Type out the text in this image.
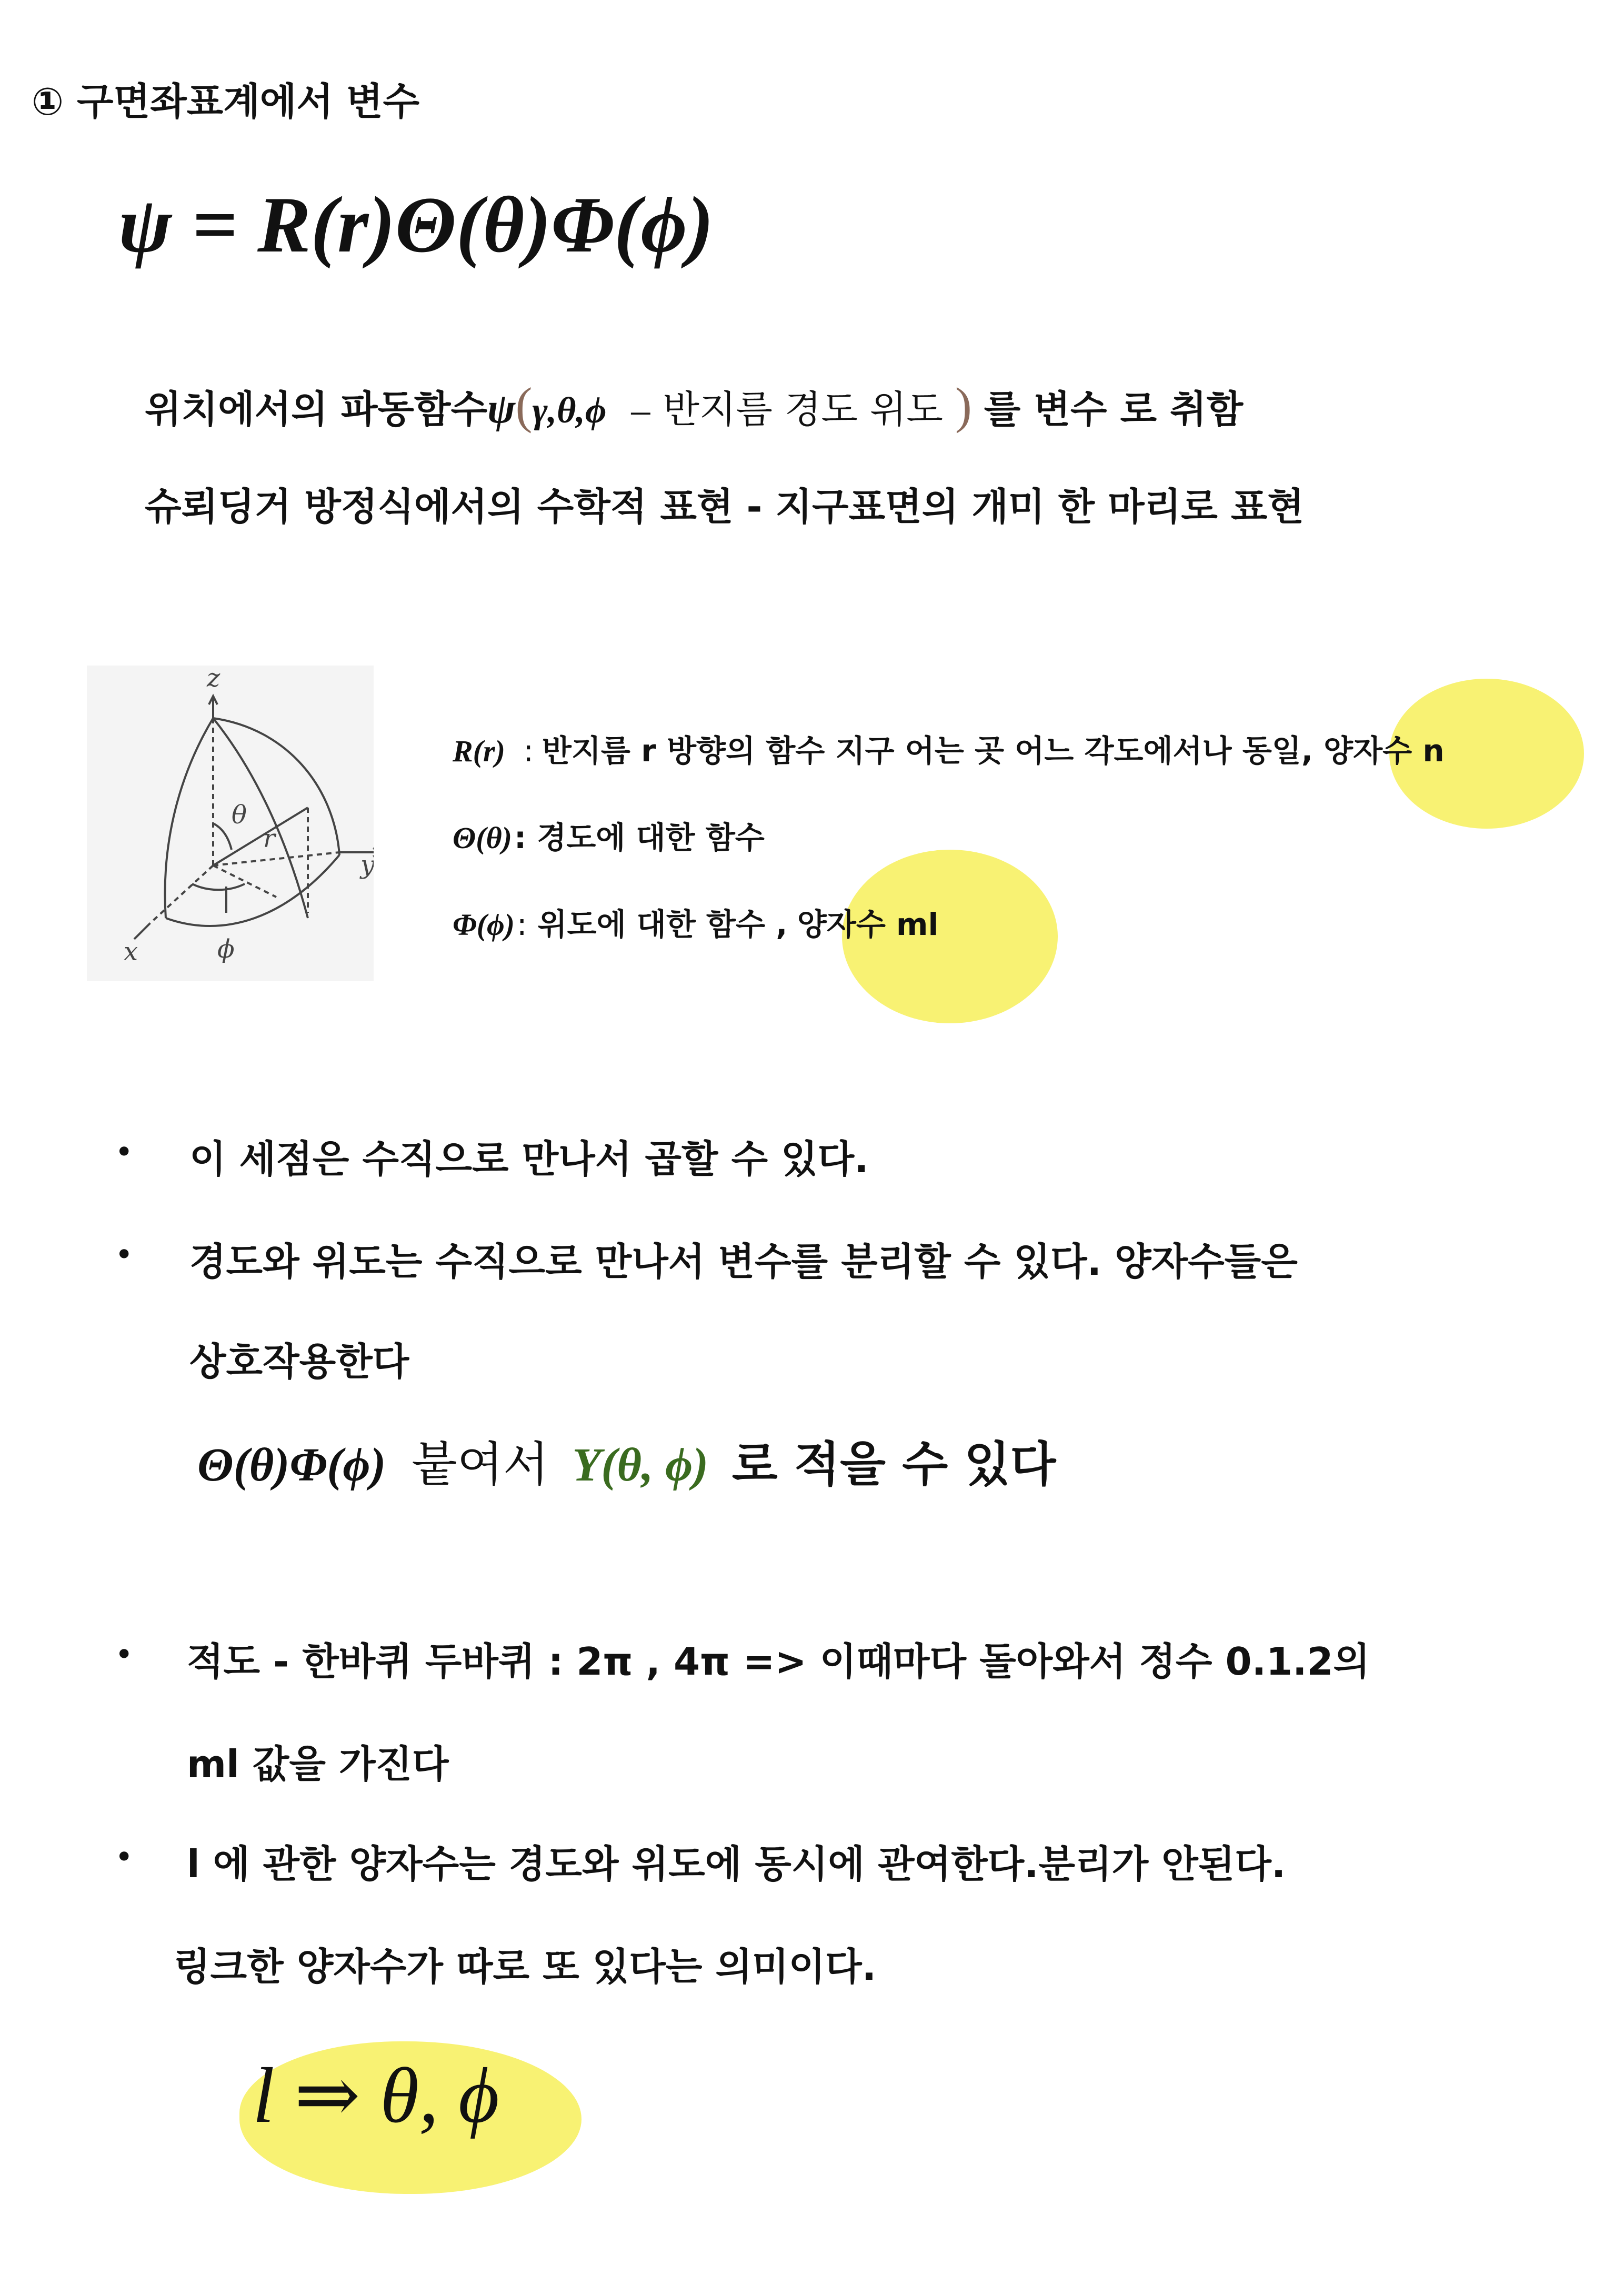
① 구면좌표계에서 변수
ψ = R(r)Θ(θ)Φ(ϕ)
위치에서의 파동함수ψ(γ,θ,ϕ – 반지름 경도 위도 ) 를 변수 로 취함
슈뢰딩거 방정식에서의 수학적 표현 - 지구표면의 개미 한 마리로 표현
z
y
x
θ
r
ϕ
R(r) : 반지름 r 방향의 함수 지구 어는 곳 어느 각도에서나 동일, 양자수 n
Θ(θ): 경도에 대한 함수
Φ(ϕ): 위도에 대한 함수 , 양자수 ml
• 이 세점은 수직으로 만나서 곱할 수 있다.
• 경도와 위도는 수직으로 만나서 변수를 분리할 수 있다. 양자수들은
상호작용한다
Θ(θ)Φ(ϕ) 붙여서 Y(θ, ϕ) 로 적을 수 있다
• 적도 - 한바퀴 두바퀴 : 2π , 4π => 이때마다 돌아와서 정수 0.1.2의
ml 값을 가진다
• l 에 관한 양자수는 경도와 위도에 동시에 관여한다.분리가 안된다.
링크한 양자수가 따로 또 있다는 의미이다.
l ⇒ θ, ϕ
